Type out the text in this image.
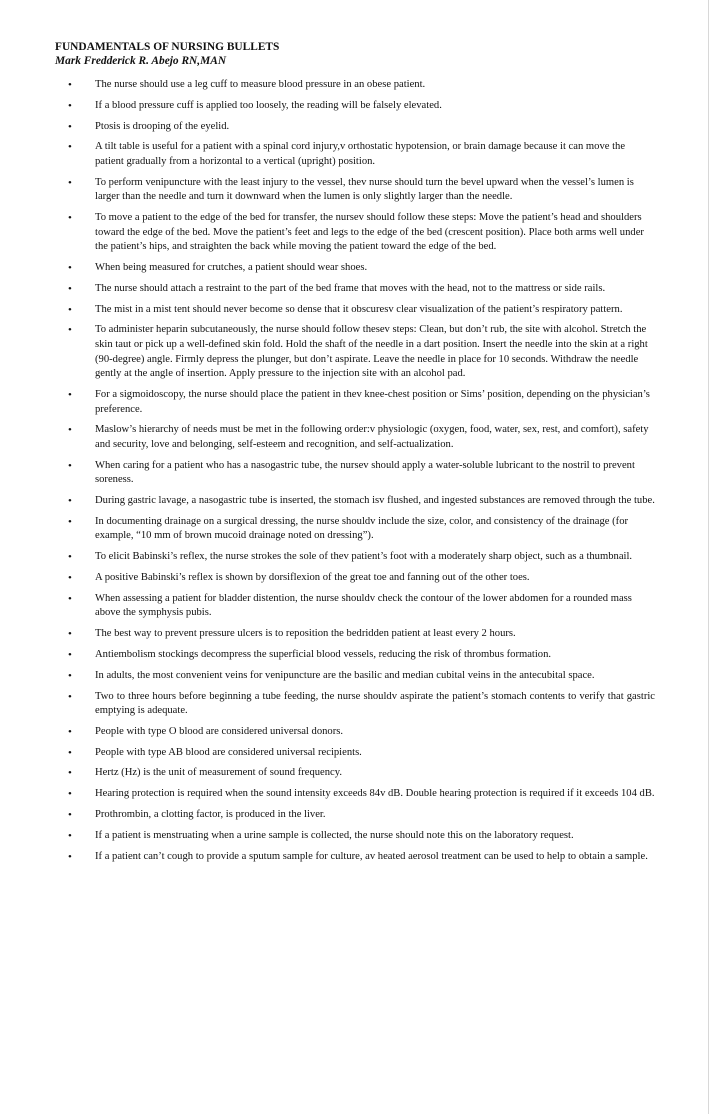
FUNDAMENTALS OF NURSING BULLETS

Mark Fredderick R. Abejo RN,MAN

• The nurse should use a leg cuff to measure blood pressure in an obese patient.
• If a blood pressure cuff is applied too loosely, the reading will be falsely elevated.
• Ptosis is drooping of the eyelid.
• A tilt table is useful for a patient with a spinal cord injury,v orthostatic hypotension, or brain damage because it can move the patient gradually from a horizontal to a vertical (upright) position.
• To perform venipuncture with the least injury to the vessel, thev nurse should turn the bevel upward when the vessel’s lumen is larger than the needle and turn it downward when the lumen is only slightly larger than the needle.
• To move a patient to the edge of the bed for transfer, the nursev should follow these steps: Move the patient’s head and shoulders toward the edge of the bed. Move the patient’s feet and legs to the edge of the bed (crescent position). Place both arms well under the patient’s hips, and straighten the back while moving the patient toward the edge of the bed.
• When being measured for crutches, a patient should wear shoes.
• The nurse should attach a restraint to the part of the bed frame that moves with the head, not to the mattress or side rails.
• The mist in a mist tent should never become so dense that it obscuresv clear visualization of the patient’s respiratory pattern.
• To administer heparin subcutaneously, the nurse should follow thesev steps: Clean, but don’t rub, the site with alcohol. Stretch the skin taut or pick up a well-defined skin fold. Hold the shaft of the needle in a dart position. Insert the needle into the skin at a right (90-degree) angle. Firmly depress the plunger, but don’t aspirate. Leave the needle in place for 10 seconds. Withdraw the needle gently at the angle of insertion. Apply pressure to the injection site with an alcohol pad.
• For a sigmoidoscopy, the nurse should place the patient in thev knee-chest position or Sims’ position, depending on the physician’s preference.
• Maslow’s hierarchy of needs must be met in the following order:v physiologic (oxygen, food, water, sex, rest, and comfort), safety and security, love and belonging, self-esteem and recognition, and self-actualization.
• When caring for a patient who has a nasogastric tube, the nursev should apply a water-soluble lubricant to the nostril to prevent soreness.
• During gastric lavage, a nasogastric tube is inserted, the stomach isv flushed, and ingested substances are removed through the tube.
• In documenting drainage on a surgical dressing, the nurse shouldv include the size, color, and consistency of the drainage (for example, “10 mm of brown mucoid drainage noted on dressing”).
• To elicit Babinski’s reflex, the nurse strokes the sole of thev patient’s foot with a moderately sharp object, such as a thumbnail.
• A positive Babinski’s reflex is shown by dorsiflexion of the great toe and fanning out of the other toes.
• When assessing a patient for bladder distention, the nurse shouldv check the contour of the lower abdomen for a rounded mass above the symphysis pubis.
• The best way to prevent pressure ulcers is to reposition the bedridden patient at least every 2 hours.
• Antiembolism stockings decompress the superficial blood vessels, reducing the risk of thrombus formation.
• In adults, the most convenient veins for venipuncture are the basilic and median cubital veins in the antecubital space.
• Two to three hours before beginning a tube feeding, the nurse shouldv aspirate the patient’s stomach contents to verify that gastric emptying is adequate.
• People with type O blood are considered universal donors.
• People with type AB blood are considered universal recipients.
• Hertz (Hz) is the unit of measurement of sound frequency.
• Hearing protection is required when the sound intensity exceeds 84v dB. Double hearing protection is required if it exceeds 104 dB.
• Prothrombin, a clotting factor, is produced in the liver.
• If a patient is menstruating when a urine sample is collected, the nurse should note this on the laboratory request.
• If a patient can’t cough to provide a sputum sample for culture, av heated aerosol treatment can be used to help to obtain a sample.
